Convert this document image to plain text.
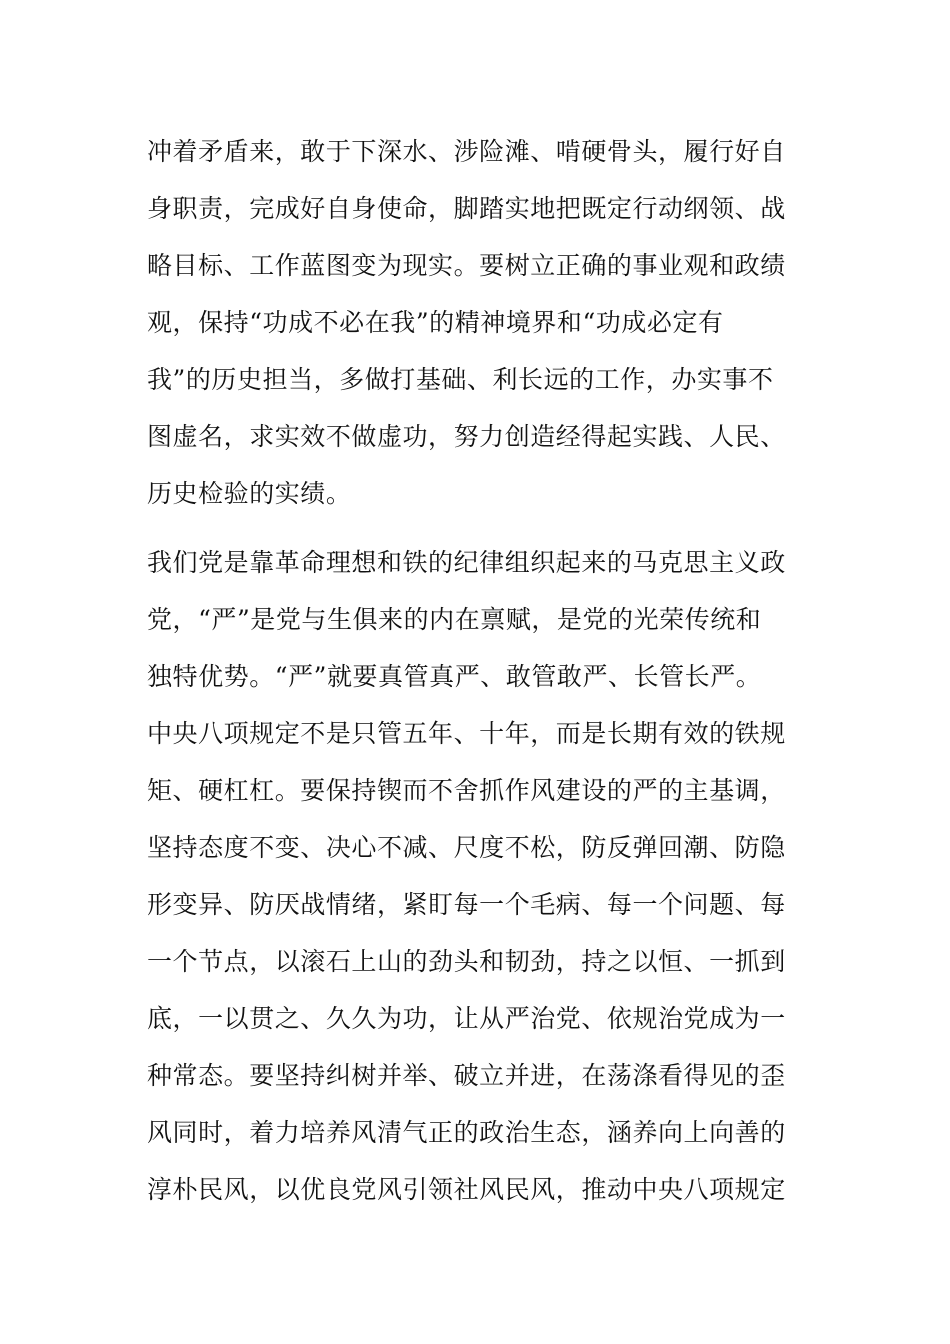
冲着矛盾来，敢于下深水、涉险滩、啃硬骨头，履行好自
身职责，完成好自身使命，脚踏实地把既定行动纲领、战
略目标、工作蓝图变为现实。要树立正确的事业观和政绩
观，保持“功成不必在我”的精神境界和“功成必定有
我”的历史担当，多做打基础、利长远的工作，办实事不
图虚名，求实效不做虚功，努力创造经得起实践、人民、
历史检验的实绩。
我们党是靠革命理想和铁的纪律组织起来的马克思主义政
党，“严”是党与生俱来的内在禀赋，是党的光荣传统和
独特优势。“严”就要真管真严、敢管敢严、长管长严。
中央八项规定不是只管五年、十年，而是长期有效的铁规
矩、硬杠杠。要保持锲而不舍抓作风建设的严的主基调，
坚持态度不变、决心不减、尺度不松，防反弹回潮、防隐
形变异、防厌战情绪，紧盯每一个毛病、每一个问题、每
一个节点，以滚石上山的劲头和韧劲，持之以恒、一抓到
底，一以贯之、久久为功，让从严治党、依规治党成为一
种常态。要坚持纠树并举、破立并进，在荡涤看得见的歪
风同时，着力培养风清气正的政治生态，涵养向上向善的
淳朴民风，以优良党风引领社风民风，推动中央八项规定
